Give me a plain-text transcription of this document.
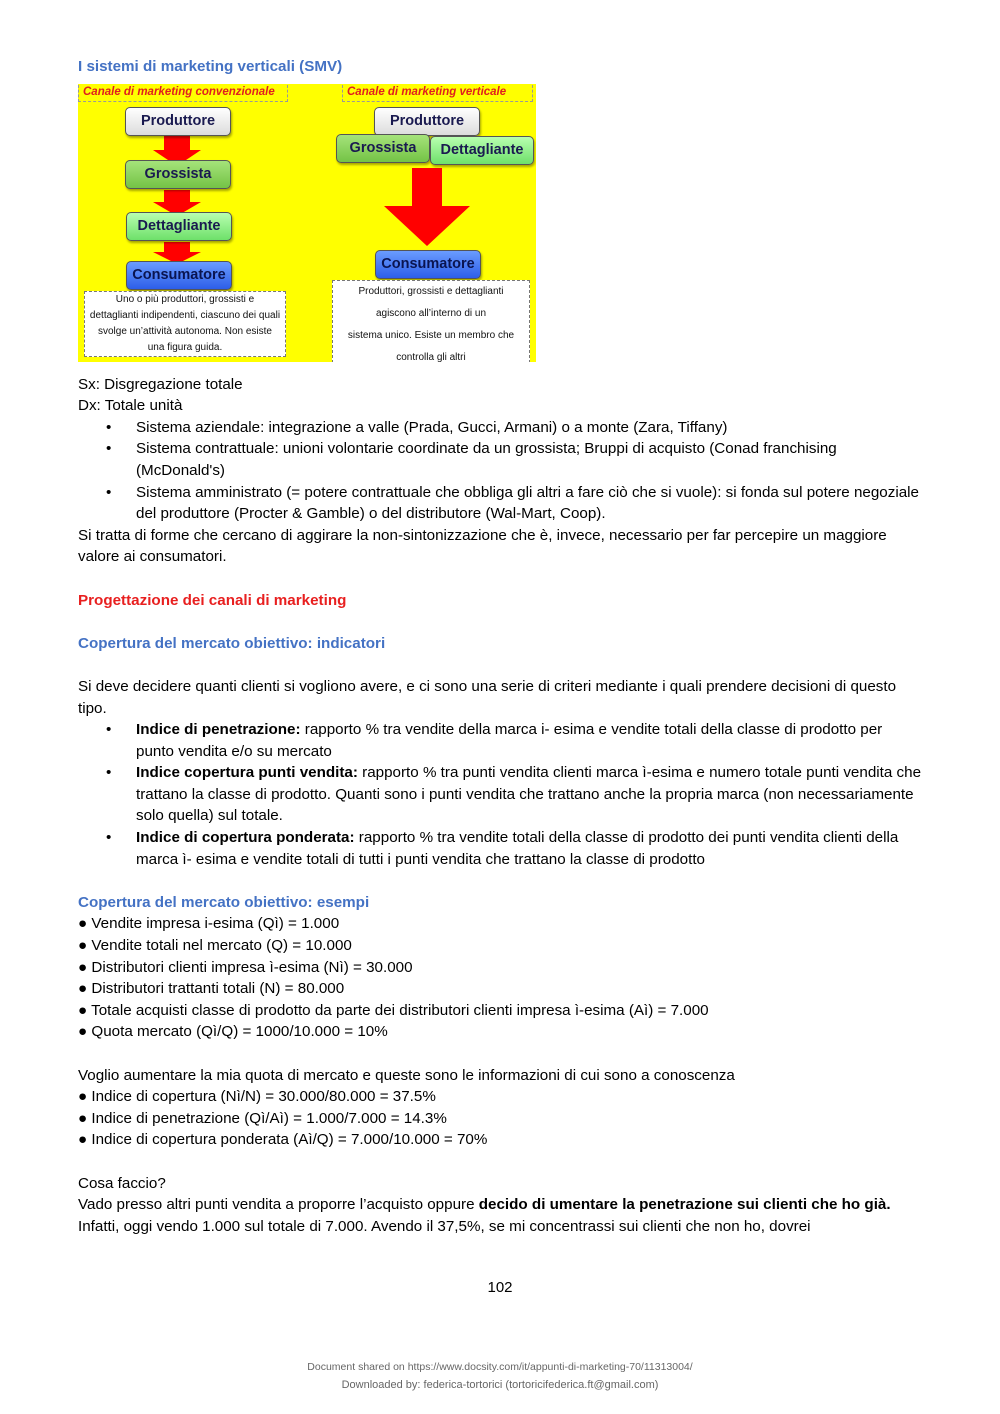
I sistemi di marketing verticali (SMV)

Canale di marketing convenzionale	Canale di marketing verticale
Produttore
Grossista
Dettagliante
Consumatore
Produttore
Grossista	Dettagliante
Consumatore
Uno o più produttori, grossisti e
dettaglianti indipendenti, ciascuno dei quali
svolge un’attività autonoma. Non esiste
una figura guida.
Produttori, grossisti e dettaglianti
agiscono all’interno di un
sistema unico. Esiste un membro che
controlla gli altri

Sx: Disgregazione totale

Dx: Totale unità

• Sistema aziendale: integrazione a valle (Prada, Gucci, Armani) o a monte (Zara, Tiffany)
• Sistema contrattuale: unioni volontarie coordinate da un grossista; Bruppi di acquisto (Conad franchising (McDonald's)
• Sistema amministrato (= potere contrattuale che obbliga gli altri a fare ciò che si vuole): si fonda sul potere negoziale del produttore (Procter & Gamble) o del distributore (Wal-Mart, Coop).

Si tratta di forme che cercano di aggirare la non-sintonizzazione che è, invece, necessario per far percepire un maggiore valore ai consumatori.

Progettazione dei canali di marketing

Copertura del mercato obiettivo: indicatori

Si deve decidere quanti clienti si vogliono avere, e ci sono una serie di criteri mediante i quali prendere decisioni di questo tipo.

• Indice di penetrazione: rapporto % tra vendite della marca i- esima e vendite totali della classe di prodotto per punto vendita e/o su mercato
• Indice copertura punti vendita: rapporto % tra punti vendita clienti marca ì-esima e numero totale punti vendita che trattano la classe di prodotto. Quanti sono i punti vendita che trattano anche la propria marca (non necessariamente solo quella) sul totale.
• Indice di copertura ponderata: rapporto % tra vendite totali della classe di prodotto dei punti vendita clienti della marca ì- esima e vendite totali di tutti i punti vendita che trattano la classe di prodotto

Copertura del mercato obiettivo: esempi

● Vendite impresa i-esima (Qì) = 1.000

● Vendite totali nel mercato (Q) = 10.000

● Distributori clienti impresa ì-esima (Nì) = 30.000

● Distributori trattanti totali (N) = 80.000

● Totale acquisti classe di prodotto da parte dei distributori clienti impresa ì-esima (Aì) = 7.000

● Quota mercato (Qì/Q) = 1000/10.000 = 10%

Voglio aumentare la mia quota di mercato e queste sono le informazioni di cui sono a conoscenza

● Indice di copertura (Nì/N) = 30.000/80.000 = 37.5%

● Indice di penetrazione (Qì/Aì) = 1.000/7.000 = 14.3%

● Indice di copertura ponderata (Aì/Q) = 7.000/10.000 = 70%

Cosa faccio?

Vado presso altri punti vendita a proporre l’acquisto oppure decido di umentare la penetrazione sui clienti che ho già. Infatti, oggi vendo 1.000 sul totale di 7.000. Avendo il 37,5%, se mi concentrassi sui clienti che non ho, dovrei

102
Document shared on https://www.docsity.com/it/appunti-di-marketing-70/11313004/
Downloaded by: federica-tortorici (tortoricifederica.ft@gmail.com)
